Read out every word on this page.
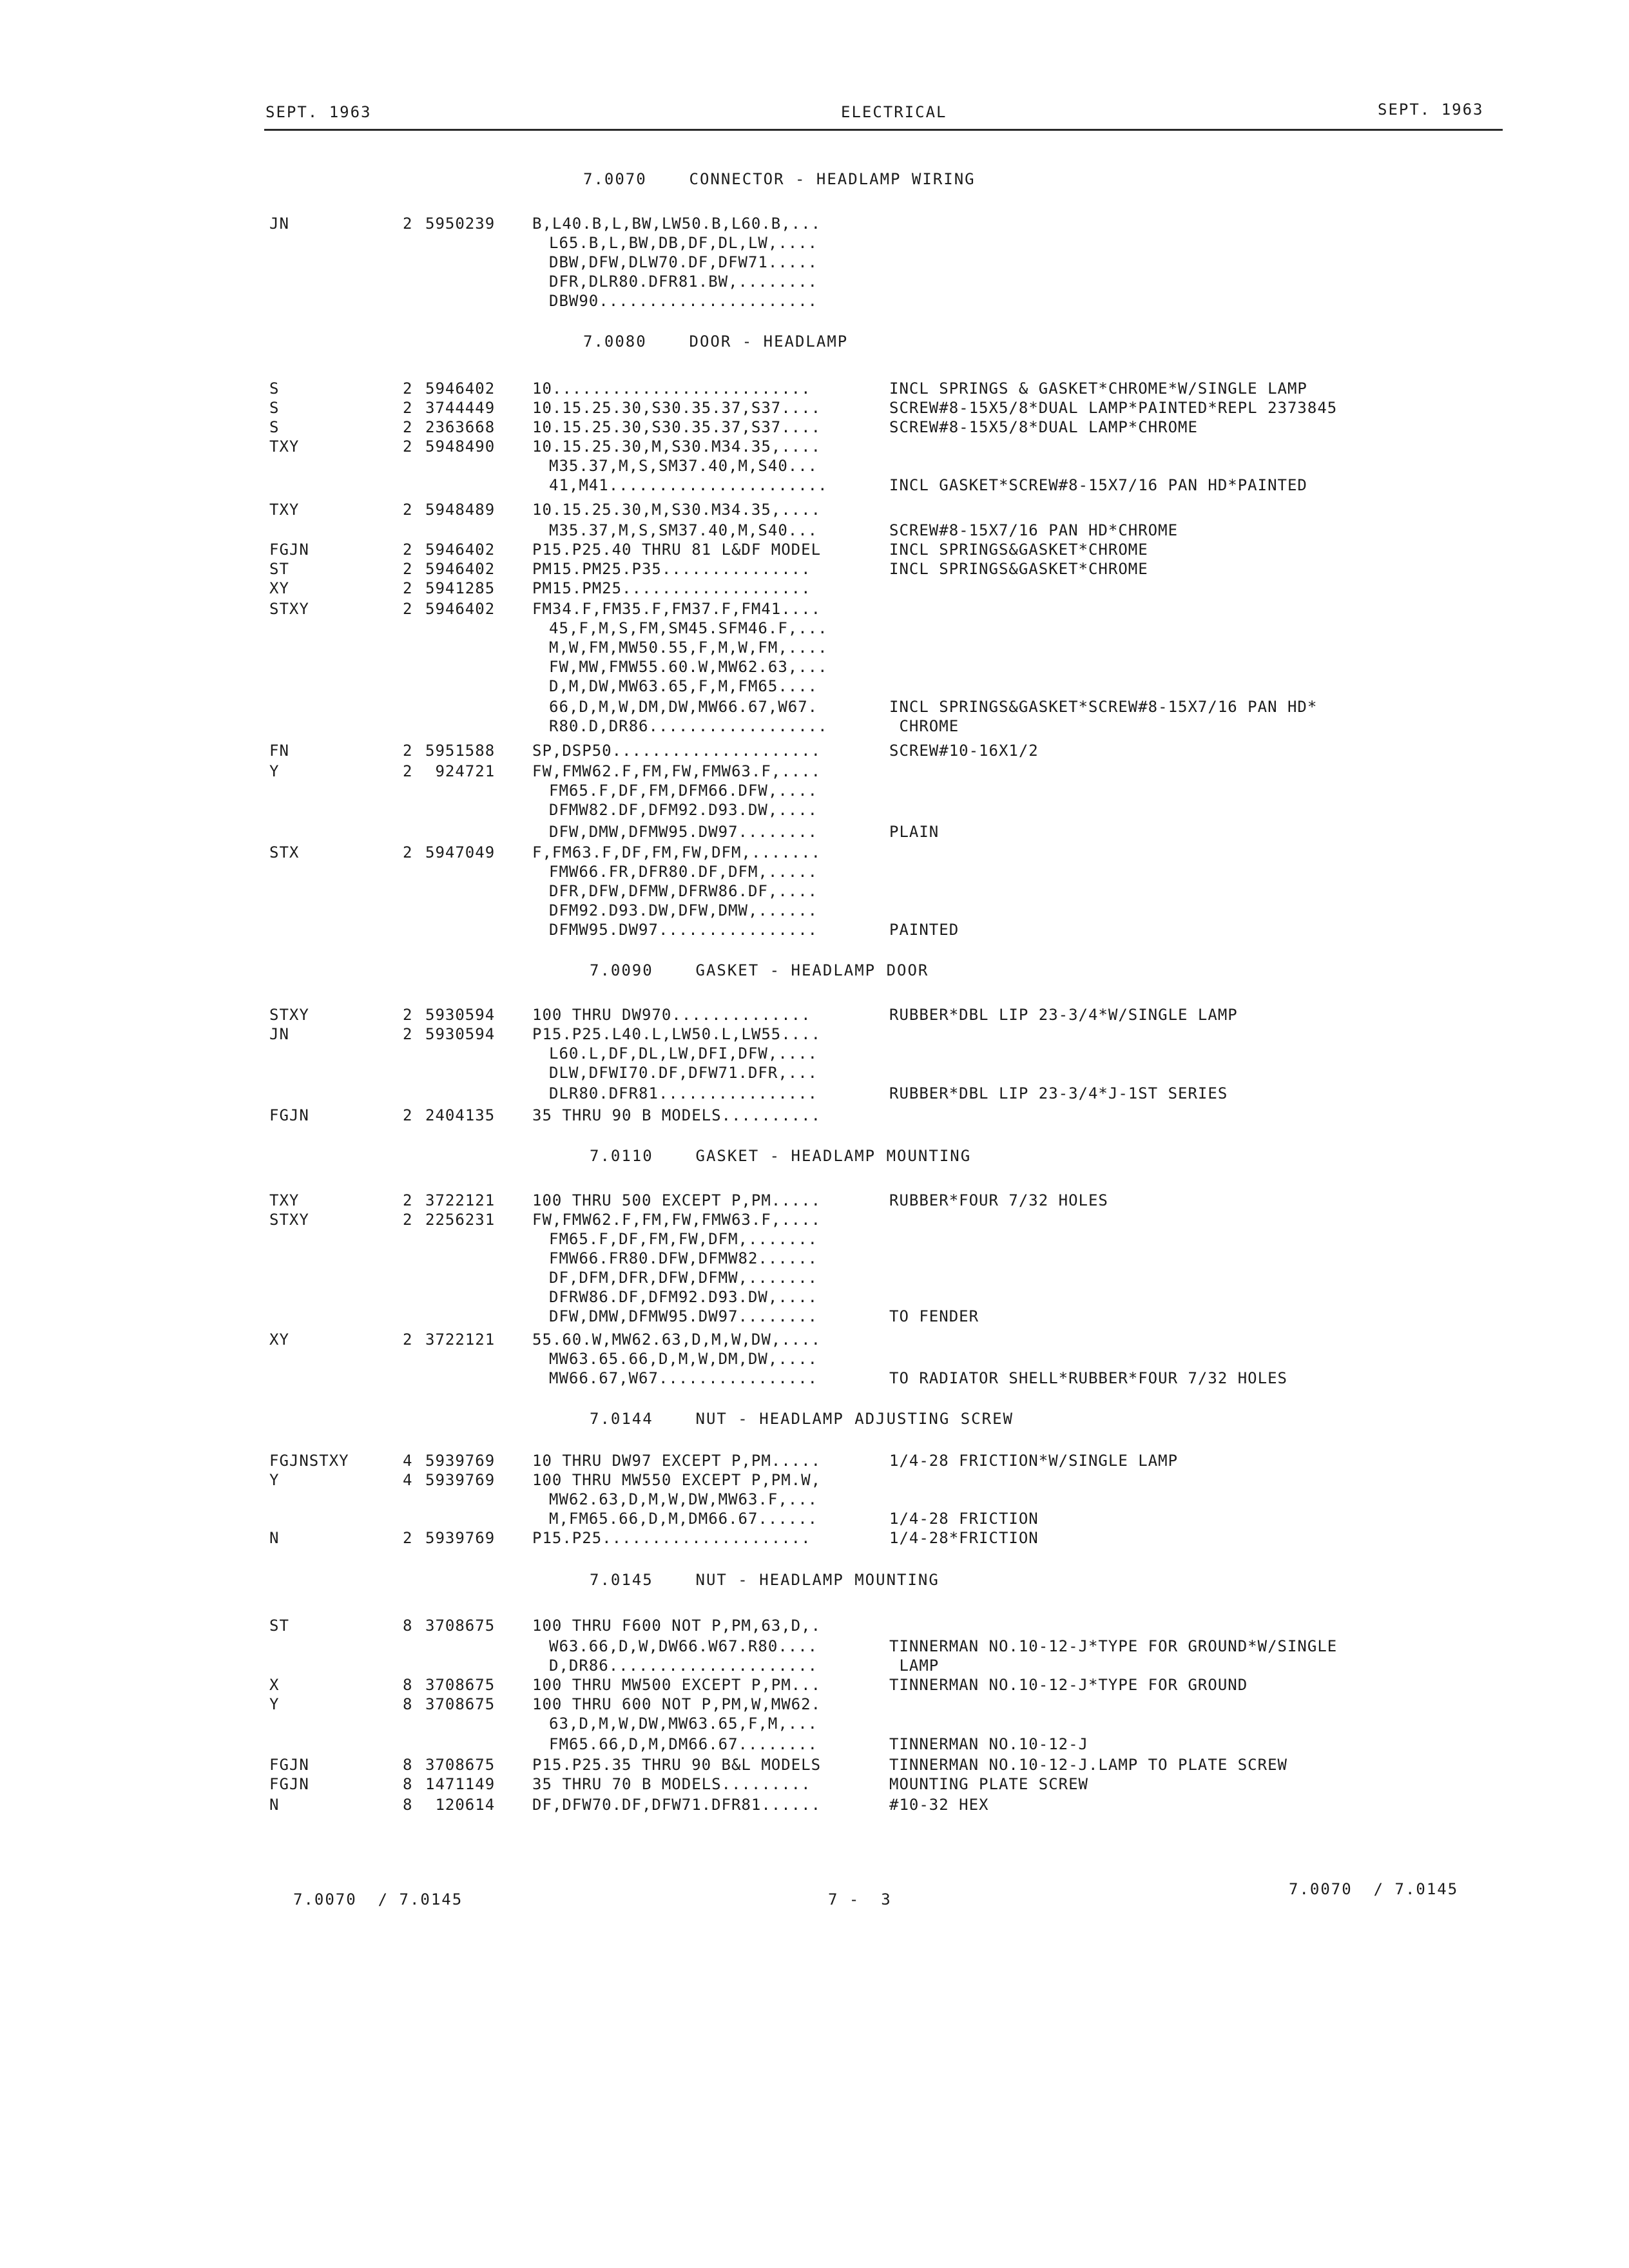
SEPT. 1963	ELECTRICAL	SEPT. 1963
7.0070    CONNECTOR - HEADLAMP WIRING
7.0080    DOOR - HEADLAMP
7.0090    GASKET - HEADLAMP DOOR
7.0110    GASKET - HEADLAMP MOUNTING
7.0144    NUT - HEADLAMP ADJUSTING SCREW
7.0145    NUT - HEADLAMP MOUNTING
JN	2 5950239 B,L40.B,L,BW,LW50.B,L60.B,...
L65.B,L,BW,DB,DF,DL,LW,....
DBW,DFW,DLW70.DF,DFW71.....
DFR,DLR80.DFR81.BW,........
DBW90......................
S	2 5946402 10..........................	INCL SPRINGS & GASKET*CHROME*W/SINGLE LAMP
S	2 3744449 10.15.25.30,S30.35.37,S37....	SCREW#8-15X5/8*DUAL LAMP*PAINTED*REPL 2373845
S	2 2363668 10.15.25.30,S30.35.37,S37....	SCREW#8-15X5/8*DUAL LAMP*CHROME
TXY	2 5948490 10.15.25.30,M,S30.M34.35,....
M35.37,M,S,SM37.40,M,S40...
41,M41......................	INCL GASKET*SCREW#8-15X7/16 PAN HD*PAINTED
TXY	2 5948489 10.15.25.30,M,S30.M34.35,....
M35.37,M,S,SM37.40,M,S40...	SCREW#8-15X7/16 PAN HD*CHROME
FGJN	2 5946402 P15.P25.40 THRU 81 L&DF MODEL	INCL SPRINGS&GASKET*CHROME
ST	2 5946402 PM15.PM25.P35...............	INCL SPRINGS&GASKET*CHROME
XY	2 5941285 PM15.PM25...................
STXY	2 5946402 FM34.F,FM35.F,FM37.F,FM41....
45,F,M,S,FM,SM45.SFM46.F,...
M,W,FM,MW50.55,F,M,W,FM,....
FW,MW,FMW55.60.W,MW62.63,...
D,M,DW,MW63.65,F,M,FM65....
66,D,M,W,DM,DW,MW66.67,W67.	INCL SPRINGS&GASKET*SCREW#8-15X7/16 PAN HD*
R80.D,DR86..................	CHROME
FN	2 5951588 SP,DSP50.....................	SCREW#10-16X1/2
Y	2 924721 FW,FMW62.F,FM,FW,FMW63.F,....
FM65.F,DF,FM,DFM66.DFW,....
DFMW82.DF,DFM92.D93.DW,....
DFW,DMW,DFMW95.DW97........	PLAIN
STX	2 5947049 F,FM63.F,DF,FM,FW,DFM,.......
FMW66.FR,DFR80.DF,DFM,.....
DFR,DFW,DFMW,DFRW86.DF,....
DFM92.D93.DW,DFW,DMW,......
DFMW95.DW97................	PAINTED
STXY	2 5930594 100 THRU DW970..............	RUBBER*DBL LIP 23-3/4*W/SINGLE LAMP
JN	2 5930594 P15.P25.L40.L,LW50.L,LW55....
L60.L,DF,DL,LW,DFI,DFW,....
DLW,DFWI70.DF,DFW71.DFR,...
DLR80.DFR81................	RUBBER*DBL LIP 23-3/4*J-1ST SERIES
FGJN	2 2404135 35 THRU 90 B MODELS..........
TXY	2 3722121 100 THRU 500 EXCEPT P,PM.....	RUBBER*FOUR 7/32 HOLES
STXY	2 2256231 FW,FMW62.F,FM,FW,FMW63.F,....
FM65.F,DF,FM,FW,DFM,.......
FMW66.FR80.DFW,DFMW82......
DF,DFM,DFR,DFW,DFMW,.......
DFRW86.DF,DFM92.D93.DW,....
DFW,DMW,DFMW95.DW97........	TO FENDER
XY	2 3722121 55.60.W,MW62.63,D,M,W,DW,....
MW63.65.66,D,M,W,DM,DW,....
MW66.67,W67................	TO RADIATOR SHELL*RUBBER*FOUR 7/32 HOLES
FGJNSTXY	4 5939769 10 THRU DW97 EXCEPT P,PM.....	1/4-28 FRICTION*W/SINGLE LAMP
Y	4 5939769 100 THRU MW550 EXCEPT P,PM.W,
MW62.63,D,M,W,DW,MW63.F,...
M,FM65.66,D,M,DM66.67......	1/4-28 FRICTION
N	2 5939769 P15.P25.....................	1/4-28*FRICTION
ST	8 3708675 100 THRU F600 NOT P,PM,63,D,.
W63.66,D,W,DW66.W67.R80....	TINNERMAN NO.10-12-J*TYPE FOR GROUND*W/SINGLE
D,DR86.....................	LAMP
X	8 3708675 100 THRU MW500 EXCEPT P,PM...	TINNERMAN NO.10-12-J*TYPE FOR GROUND
Y	8 3708675 100 THRU 600 NOT P,PM,W,MW62.
63,D,M,W,DW,MW63.65,F,M,...
FM65.66,D,M,DM66.67........	TINNERMAN NO.10-12-J
FGJN	8 3708675 P15.P25.35 THRU 90 B&L MODELS	TINNERMAN NO.10-12-J.LAMP TO PLATE SCREW
FGJN	8 1471149 35 THRU 70 B MODELS.........	MOUNTING PLATE SCREW
N	8 120614 DF,DFW70.DF,DFW71.DFR81......	#10-32 HEX
7.0070  / 7.0145	7 -  3
7.0070  / 7.0145
